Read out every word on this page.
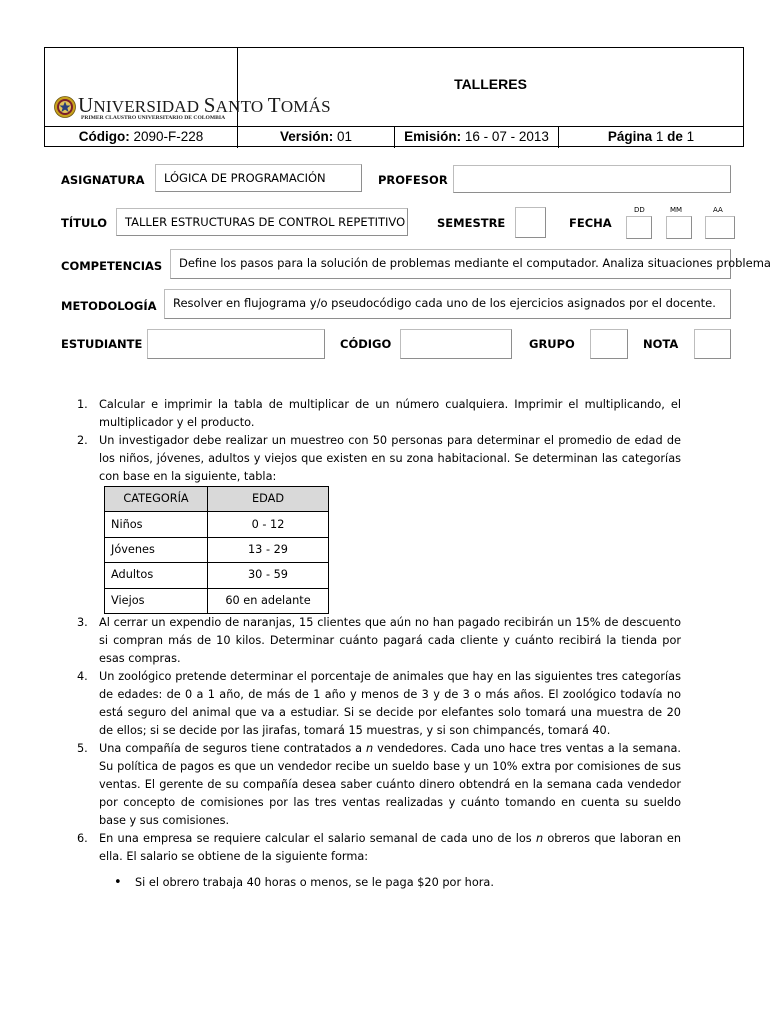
UNIVERSIDAD SANTO TOMÁS
PRIMER CLAUSTRO UNIVERSITARIO DE COLOMBIA
TALLERES
Código: 2090-F-228	Versión: 01	Emisión: 16 - 07 - 2013	Página 1 de 1
ASIGNATURA	LÓGICA DE PROGRAMACIÓN	PROFESOR
TÍTULO	TALLER ESTRUCTURAS DE CONTROL REPETITIVO	SEMESTRE	FECHA
DD	MM	AA
COMPETENCIAS	Define los pasos para la solución de problemas mediante el computador. Analiza situaciones problema
METODOLOGÍA	Resolver en flujograma y/o pseudocódigo cada uno de los ejercicios asignados por el docente.
ESTUDIANTE	CÓDIGO	GRUPO	NOTA
1. Calcular e imprimir la tabla de multiplicar de un número cualquiera. Imprimir el multiplicando, el multiplicador y el producto.
2. Un investigador debe realizar un muestreo con 50 personas para determinar el promedio de edad de los niños, jóvenes, adultos y viejos que existen en su zona habitacional. Se determinan las categorías con base en la siguiente, tabla:
CATEGORÍA	EDAD
Niños	0 - 12
Jóvenes	13 - 29
Adultos	30 - 59
Viejos	60 en adelante
3. Al cerrar un expendio de naranjas, 15 clientes que aún no han pagado recibirán un 15% de descuento si compran más de 10 kilos. Determinar cuánto pagará cada cliente y cuánto recibirá la tienda por esas compras.
4. Un zoológico pretende determinar el porcentaje de animales que hay en las siguientes tres categorías de edades: de 0 a 1 año, de más de 1 año y menos de 3 y de 3 o más años. El zoológico todavía no está seguro del animal que va a estudiar. Si se decide por elefantes solo tomará una muestra de 20 de ellos; si se decide por las jirafas, tomará 15 muestras, y si son chimpancés, tomará 40.
5. Una compañía de seguros tiene contratados a n vendedores. Cada uno hace tres ventas a la semana. Su política de pagos es que un vendedor recibe un sueldo base y un 10% extra por comisiones de sus ventas. El gerente de su compañía desea saber cuánto dinero obtendrá en la semana cada vendedor por concepto de comisiones por las tres ventas realizadas y cuánto tomando en cuenta su sueldo base y sus comisiones.
6. En una empresa se requiere calcular el salario semanal de cada uno de los n obreros que laboran en ella. El salario se obtiene de la siguiente forma:
• Si el obrero trabaja 40 horas o menos, se le paga $20 por hora.
